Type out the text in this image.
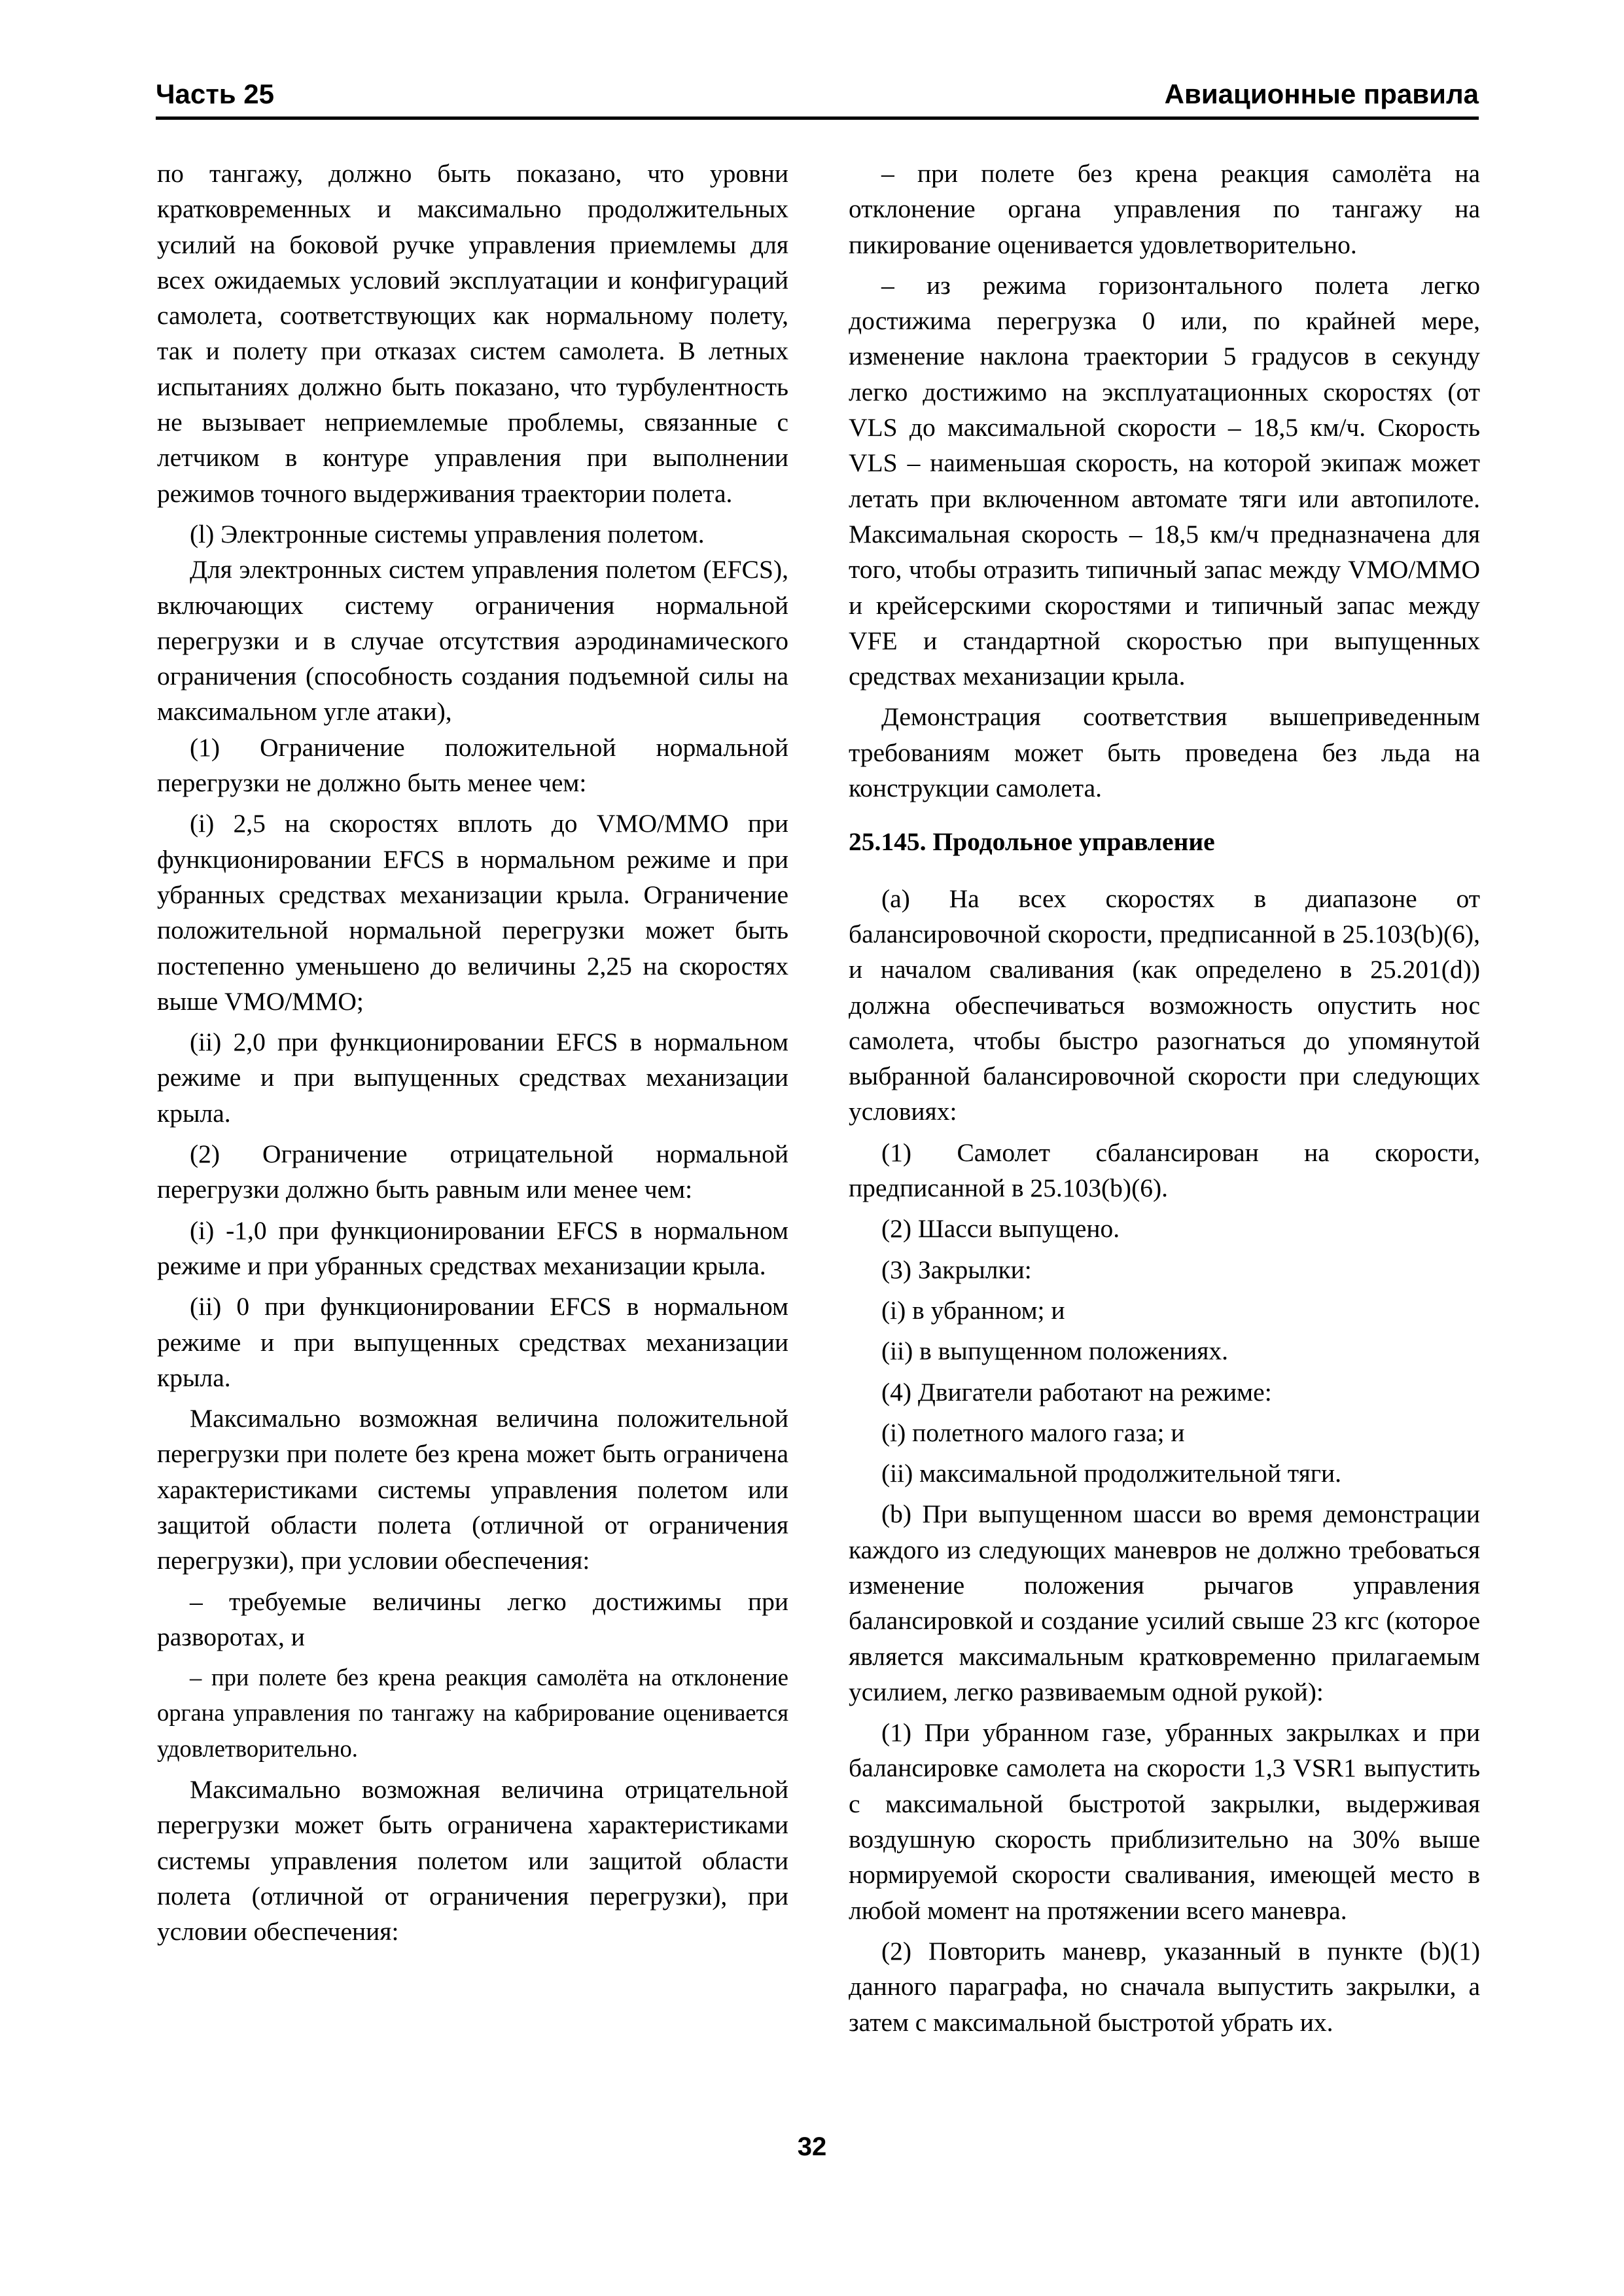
Часть 25	Авиационные правила

по тангажу, должно быть показано, что уровни кратковременных и максимально продолжительных усилий на боковой ручке управления приемлемы для всех ожидаемых условий эксплуатации и конфигураций самолета, соответствующих как нормальному полету, так и полету при отказах систем самолета. В летных испытаниях должно быть показано, что турбулентность не вызывает неприемлемые проблемы, связанные с летчиком в контуре управления при выполнении режимов точного выдерживания траектории полета.

(l) Электронные системы управления полетом.

Для электронных систем управления полетом (EFCS), включающих систему ограничения нормальной перегрузки и в случае отсутствия аэродинамического ограничения (способность создания подъемной силы на максимальном угле атаки),

(1) Ограничение положительной нормальной перегрузки не должно быть менее чем:

(i) 2,5 на скоростях вплоть до VMO/MMO при функционировании EFCS в нормальном режиме и при убранных средствах механизации крыла. Ограничение положительной нормальной перегрузки может быть постепенно уменьшено до величины 2,25 на скоростях выше VMO/MMO;

(ii) 2,0 при функционировании EFCS в нормальном режиме и при выпущенных средствах механизации крыла.

(2) Ограничение отрицательной нормальной перегрузки должно быть равным или менее чем:

(i) -1,0 при функционировании EFCS в нормальном режиме и при убранных средствах механизации крыла.

(ii) 0 при функционировании EFCS в нормальном режиме и при выпущенных средствах механизации крыла.

Максимально возможная величина положительной перегрузки при полете без крена может быть ограничена характеристиками системы управления полетом или защитой области полета (отличной от ограничения перегрузки), при условии обеспечения:

– требуемые величины легко достижимы при разворотах, и

– при полете без крена реакция самолёта на отклонение органа управления по тангажу на кабрирование оценивается удовлетворительно.

Максимально возможная величина отрицательной перегрузки может быть ограничена характеристиками системы управления полетом или защитой области полета (отличной от ограничения перегрузки), при условии обеспечения:

– при полете без крена реакция самолёта на отклонение органа управления по тангажу на пикирование оценивается удовлетворительно.

– из режима горизонтального полета легко достижима перегрузка 0 или, по крайней мере, изменение наклона траектории 5 градусов в секунду легко достижимо на эксплуатационных скоростях (от VLS до максимальной скорости – 18,5 км/ч. Скорость VLS – наименьшая скорость, на которой экипаж может летать при включенном автомате тяги или автопилоте. Максимальная скорость – 18,5 км/ч предназначена для того, чтобы отразить типичный запас между VMO/MMO и крейсерскими скоростями и типичный запас между VFE и стандартной скоростью при выпущенных средствах механизации крыла.

Демонстрация соответствия вышеприведенным требованиям может быть проведена без льда на конструкции самолета.

25.145. Продольное управление

(a) На всех скоростях в диапазоне от балансировочной скорости, предписанной в 25.103(b)(6), и началом сваливания (как определено в 25.201(d)) должна обеспечиваться возможность опустить нос самолета, чтобы быстро разогнаться до упомянутой выбранной балансировочной скорости при следующих условиях:

(1) Самолет сбалансирован на скорости, предписанной в 25.103(b)(6).

(2) Шасси выпущено.

(3) Закрылки:

(i) в убранном; и

(ii) в выпущенном положениях.

(4) Двигатели работают на режиме:

(i) полетного малого газа; и

(ii) максимальной продолжительной тяги.

(b) При выпущенном шасси во время демонстрации каждого из следующих маневров не должно требоваться изменение положения рычагов управления балансировкой и создание усилий свыше 23 кгс (которое является максимальным кратковременно прилагаемым усилием, легко развиваемым одной рукой):

(1) При убранном газе, убранных закрылках и при балансировке самолета на скорости 1,3 VSR1 выпустить с максимальной быстротой закрылки, выдерживая воздушную скорость приблизительно на 30% выше нормируемой скорости сваливания, имеющей место в любой момент на протяжении всего маневра.

(2) Повторить маневр, указанный в пункте (b)(1) данного параграфа, но сначала выпустить закрылки, а затем с максимальной быстротой убрать их.

32
